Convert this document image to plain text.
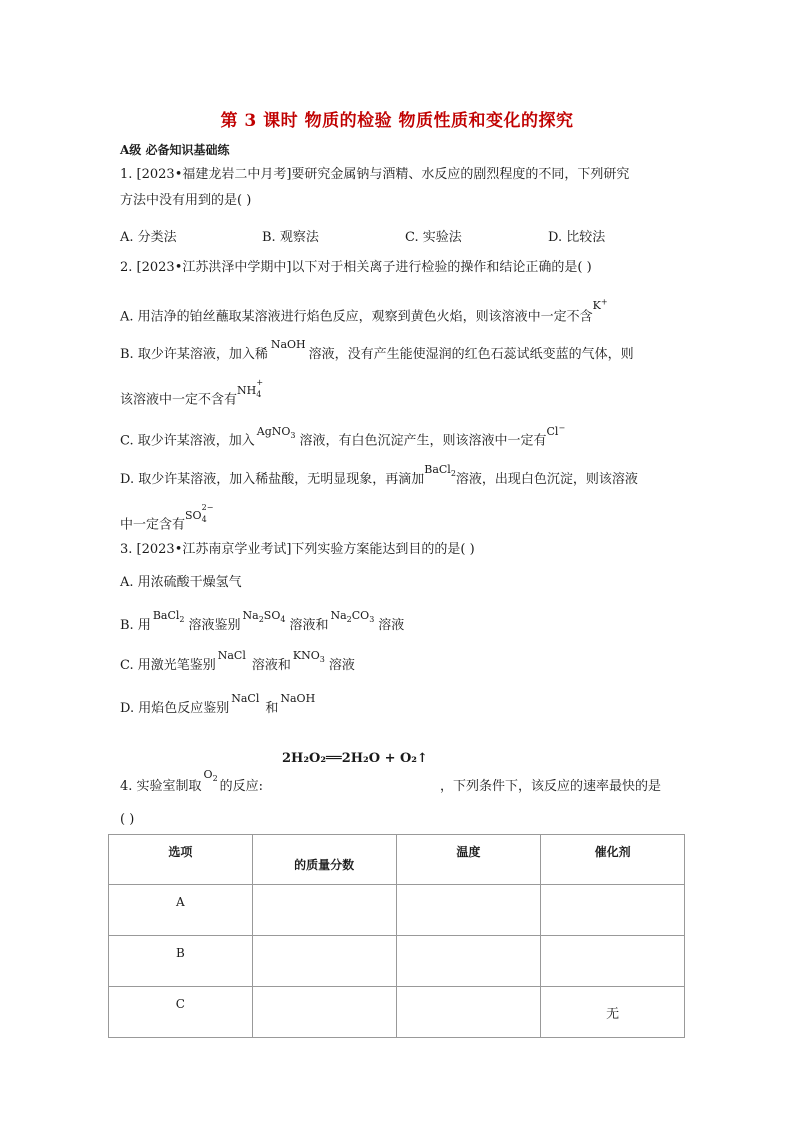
第 3 课时 物质的检验 物质性质和变化的探究
A级 必备知识基础练
1. [2023•福建龙岩二中月考]要研究金属钠与酒精、水反应的剧烈程度的不同，下列研究
方法中没有用到的是( )
A. 分类法	B. 观察法	C. 实验法	D. 比较法
2. [2023•江苏洪泽中学期中]以下对于相关离子进行检验的操作和结论正确的是( )
A. 用洁净的铂丝蘸取某溶液进行焰色反应，观察到黄色火焰，则该溶液中一定不含$^{K^+}$
B. 取少许某溶液，加入稀$^{NaOH}$溶液，没有产生能使湿润的红色石蕊试纸变蓝的气体，则
该溶液中一定不含有$^{NH_4^+}$
C. 取少许某溶液，加入$^{AgNO_3}$ 溶液，有白色沉淀产生，则该溶液中一定有$^{Cl^-}$
D. 取少许某溶液，加入稀盐酸，无明显现象，再滴加$^{BaCl_2}$溶液，出现白色沉淀，则该溶液
中一定含有$^{SO_4^{2-}}$
3. [2023•江苏南京学业考试]下列实验方案能达到目的的是( )
A. 用浓硫酸干燥氢气
B. 用$^{BaCl_2}$ 溶液鉴别$^{Na_2SO_4}$ 溶液和$^{Na_2CO_3}$ 溶液
C. 用激光笔鉴别$^{NaCl}$溶液和$^{KNO_3}$ 溶液
D. 用焰色反应鉴别$^{NaCl}$和$^{NaOH}$
2H₂O₂══2H₂O + O₂↑
4. 实验室制取$^{O_2}$的反应:	，下列条件下，该反应的速率最快的是
( )
选项	的质量分数	温度	催化剂

A			
B			
C			无
